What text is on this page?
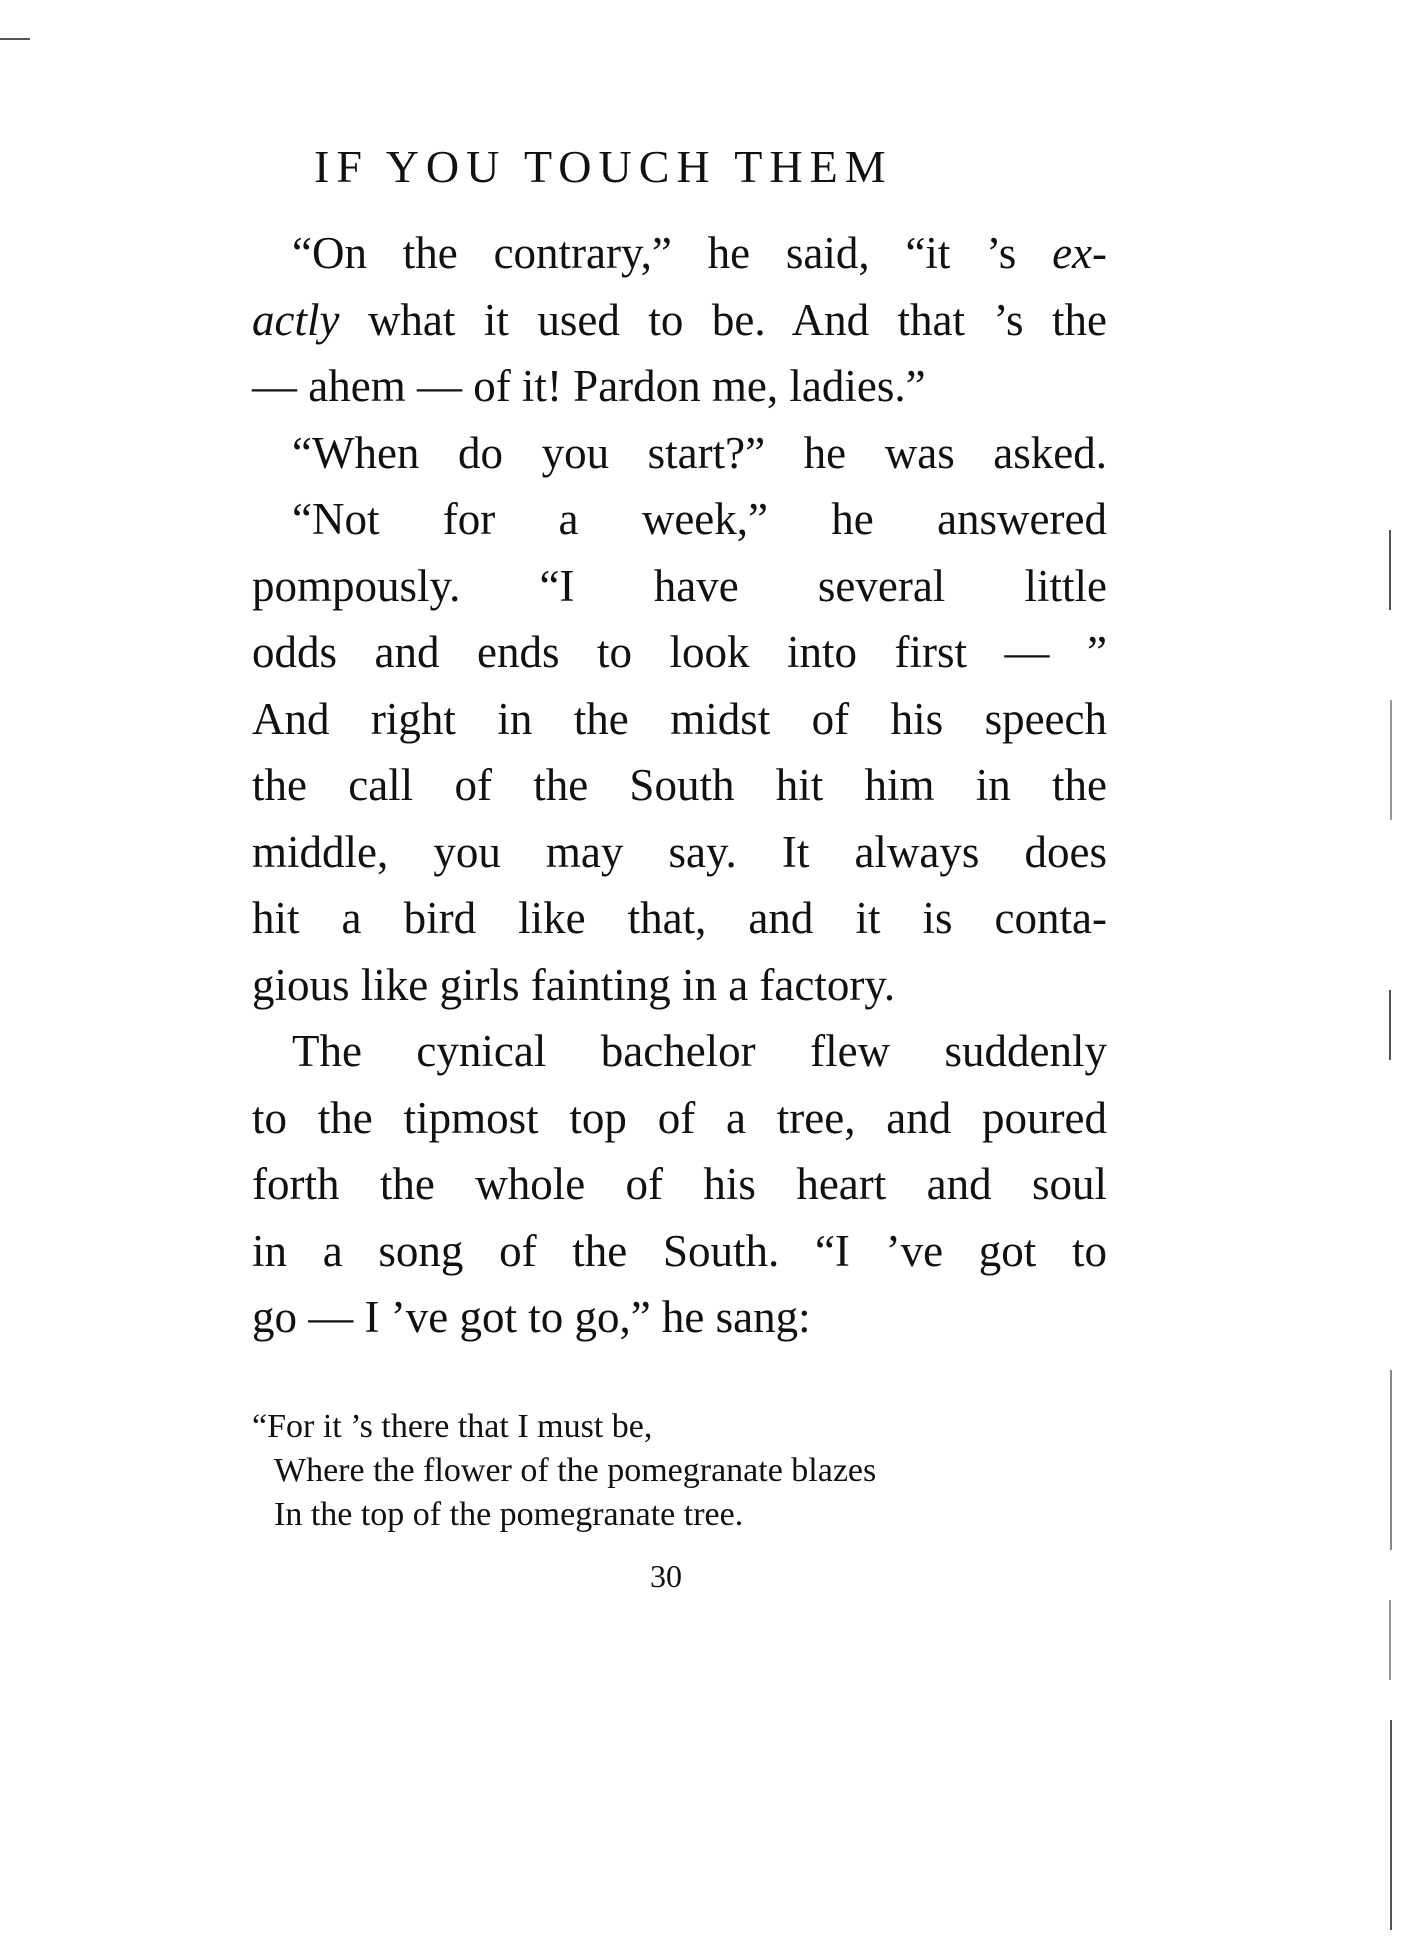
IF YOU TOUCH THEM
“On the contrary,” he said, “it ’s ex-
actly what it used to be. And that ’s the
— ahem — of it! Pardon me, ladies.”
“When do you start?” he was asked.
“Not for a week,” he answered
pompously. “I have several little
odds and ends to look into first — ”
And right in the midst of his speech
the call of the South hit him in the
middle, you may say. It always does
hit a bird like that, and it is conta-
gious like girls fainting in a factory.
The cynical bachelor flew suddenly
to the tipmost top of a tree, and poured
forth the whole of his heart and soul
in a song of the South. “I ’ve got to
go — I ’ve got to go,” he sang:
“For it ’s there that I must be,
Where the flower of the pomegranate blazes
In the top of the pomegranate tree.
30
